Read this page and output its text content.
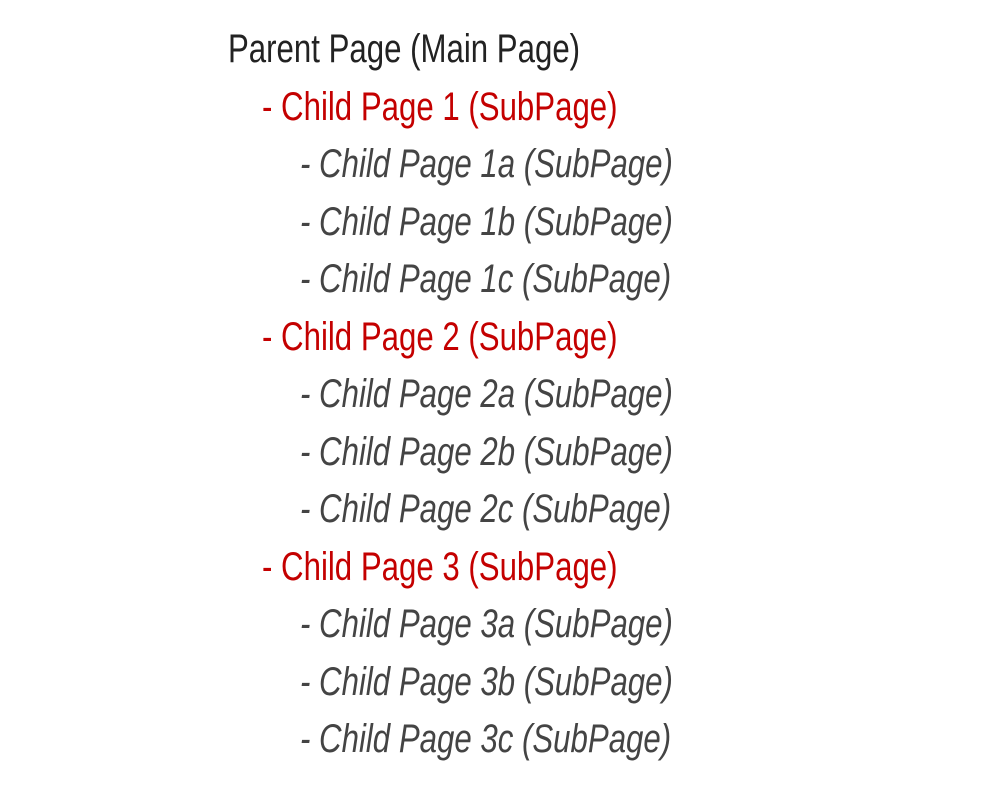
Parent Page (Main Page)
- Child Page 1 (SubPage)
- Child Page 1a (SubPage)
- Child Page 1b (SubPage)
- Child Page 1c (SubPage)
- Child Page 2 (SubPage)
- Child Page 2a (SubPage)
- Child Page 2b (SubPage)
- Child Page 2c (SubPage)
- Child Page 3 (SubPage)
- Child Page 3a (SubPage)
- Child Page 3b (SubPage)
- Child Page 3c (SubPage)
